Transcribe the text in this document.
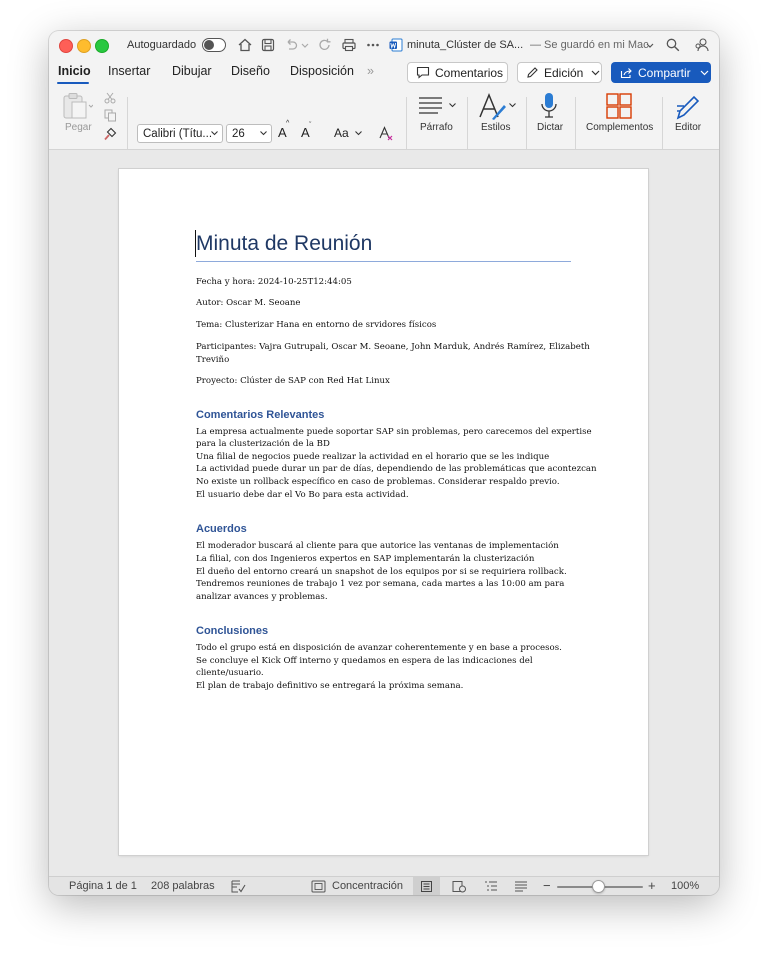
Autoguardado	minuta_Clúster de SA... — Se guardó en mi Mac
Inicio Insertar Dibujar Diseño Disposición »	Comentarios	Edición	Compartir
Pegar	Calibri (Títu... 26	A
^
A ˇ
Aa	Párrafo	Estilos	Dictar Complementos Editor
Minuta de Reunión
Fecha y hora: 2024-10-25T12:44:05
Autor: Oscar M. Seoane
Tema: Clusterizar Hana en entorno de srvidores físicos
Participantes: Vajra Gutrupali, Oscar M. Seoane, John Marduk, Andrés Ramírez, Elizabeth
Treviño
Proyecto: Clúster de SAP con Red Hat Linux
Comentarios Relevantes
La empresa actualmente puede soportar SAP sin problemas, pero carecemos del expertise
para la clusterización de la BD
Una filial de negocios puede realizar la actividad en el horario que se les indique
La actividad puede durar un par de días, dependiendo de las problemáticas que acontezcan
No existe un rollback específico en caso de problemas. Considerar respaldo previo.
El usuario debe dar el Vo Bo para esta actividad.
Acuerdos
El moderador buscará al cliente para que autorice las ventanas de implementación
La filial, con dos Ingenieros expertos en SAP implementarán la clusterización
El dueño del entorno creará un snapshot de los equipos por si se requiriera rollback.
Tendremos reuniones de trabajo 1 vez por semana, cada martes a las 10:00 am para
analizar avances y problemas.
Conclusiones
Todo el grupo está en disposición de avanzar coherentemente y en base a procesos.
Se concluye el Kick Off interno y quedamos en espera de las indicaciones del
cliente/usuario.
El plan de trabajo definitivo se entregará la próxima semana.
Página 1 de 1 208 palabras	Concentración	−	+ 100%
